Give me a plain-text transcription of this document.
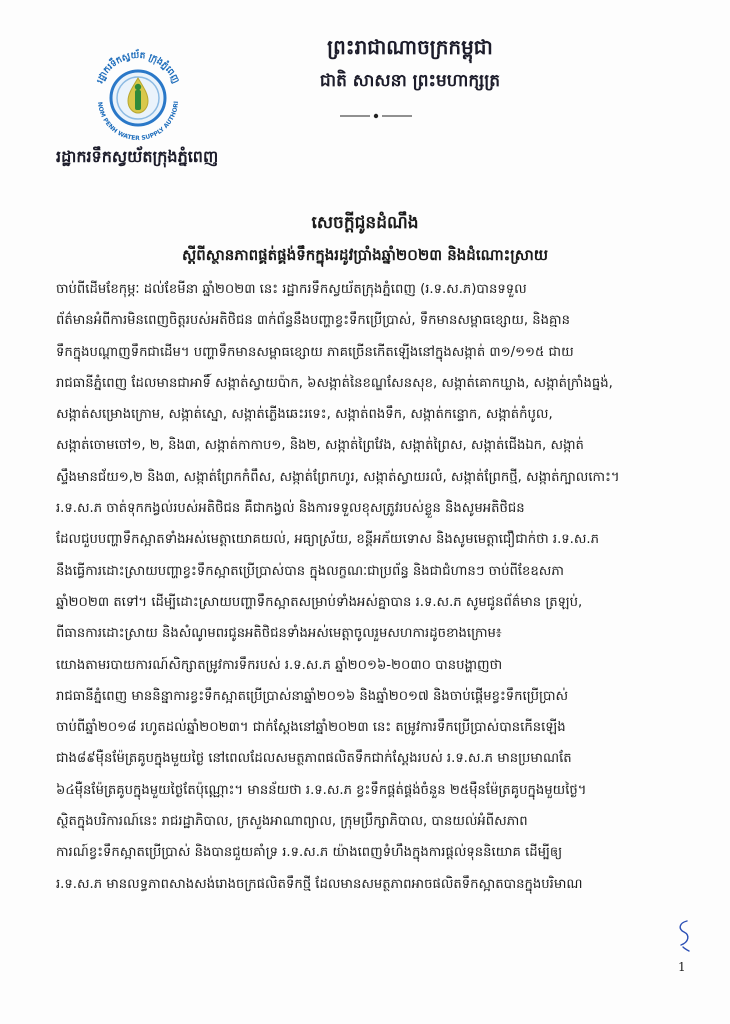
រដ្ឋាករទឹកស្វយ័ត ក្រុងភ្នំពេញ
NOM PENH WATER SUPPLY AUTHORI
ព្រះរាជាណាចក្រកម្ពុជា
ជាតិ សាសនា ព្រះមហាក្សត្រ
រដ្ឋាករទឹកស្វយ័តក្រុងភ្នំពេញ
សេចក្តីជូនដំណឹង
ស្តីពីស្ថានភាពផ្គត់ផ្គង់ទឹកក្នុងរដូវប្រាំងឆ្នាំ២០២៣ និងដំណោះស្រាយ
ចាប់ពីដើមខែកុម្ភៈ ដល់ខែមីនា ឆ្នាំ២០២៣ នេះ រដ្ឋាករទឹកស្វយ័តក្រុងភ្នំពេញ (រ.ទ.ស.ភ)បានទទួល
ព័ត៌មានអំពីការមិនពេញចិត្តរបស់អតិថិជន ៣ក់ព័ន្ធនឹងបញ្ហាខ្វះទឹកប្រើប្រាស់, ទឹកមានសម្ពាធខ្សោយ, និងគ្មាន
ទឹកក្នុងបណ្តាញទឹកជាដើម។ បញ្ហាទឹកមានសម្ពាធខ្សោយ ភាគច្រើនកើតឡើងនៅក្នុងសង្កាត់ ៣១/១១៥ ជាយ
រាជធានីភ្នំពេញ ដែលមានជាអាទិ៍ សង្កាត់ស្វាយប៉ាក, ៦សង្កាត់នៃខណ្ឌសែនសុខ, សង្កាត់គោកឃ្លាង, សង្កាត់ក្រាំងធ្នង់,
សង្កាត់សម្រោងក្រោម, សង្កាត់ស្នោ, សង្កាត់ភ្លើងឆេះរទេះ, សង្កាត់ពងទឹក, សង្កាត់កន្ទោក, សង្កាត់កំបូល,
សង្កាត់ចោមចៅ១, ២, និង៣, សង្កាត់កាកាប១, និង២, សង្កាត់ព្រៃវែង, សង្កាត់ព្រៃស, សង្កាត់ជើងឯក, សង្កាត់
ស្ទឹងមានជ័យ១,២ និង៣, សង្កាត់ព្រែកកំពឹស, សង្កាត់ព្រែកហូរ, សង្កាត់ស្វាយរលំ, សង្កាត់ព្រែកថ្មី, សង្កាត់ក្បាលកោះ។
រ.ទ.ស.ភ ចាត់ទុកកង្វល់របស់អតិថិជន គឺជាកង្វល់ និងការទទួលខុសត្រូវរបស់ខ្លួន និងសូមអតិថិជន
ដែលជួបបញ្ហាទឹកស្អាតទាំងអស់មេត្តាយោគយល់, អធ្យាស្រ័យ, ខន្តីអភ័យទោស និងសូមមេត្តាជឿជាក់ថា រ.ទ.ស.ភ
នឹងធ្វើការដោះស្រាយបញ្ហាខ្វះទឹកស្អាតប្រើប្រាស់បាន ក្នុងលក្ខណៈជាប្រព័ន្ធ និងជាជំហានៗ ចាប់ពីខែឧសភា
ឆ្នាំ២០២៣ តទៅ។ ដើម្បីដោះស្រាយបញ្ហាទឹកស្អាតសម្រាប់ទាំងអស់គ្នាបាន រ.ទ.ស.ភ សូមជូនព័ត៌មាន ត្រឡប់,
ពីធានការដោះស្រាយ និងសំណូមពរជូនអតិថិជនទាំងអស់មេត្តាចូលរួមសហការដូចខាងក្រោម៖
យោងតាមរបាយការណ៍សិក្សាតម្រូវការទឹករបស់ រ.ទ.ស.ភ ឆ្នាំ២០១៦-២០៣០ បានបង្ហាញថា
រាជធានីភ្នំពេញ មាននិន្នាការខ្វះទឹកស្អាតប្រើប្រាស់នាឆ្នាំ២០១៦ និងឆ្នាំ២០១៧ និងចាប់ផ្តើមខ្វះទឹកប្រើប្រាស់
ចាប់ពីឆ្នាំ២០១៨ រហូតដល់ឆ្នាំ២០២៣។ ជាក់ស្តែងនៅឆ្នាំ២០២៣ នេះ តម្រូវការទឹកប្រើប្រាស់បានកើនឡើង
ជាង៨៩ម៉ឺនម៉ែត្រគូបក្នុងមួយថ្ងៃ នៅពេលដែលសមត្ថភាពផលិតទឹកជាក់ស្តែងរបស់ រ.ទ.ស.ភ មានប្រមាណតែ
៦៤ម៉ឺនម៉ែត្រគូបក្នុងមួយថ្ងៃតែប៉ុណ្ណោះ។ មានន័យថា រ.ទ.ស.ភ ខ្វះទឹកផ្គត់ផ្គង់ចំនួន ២៥ម៉ឺនម៉ែត្រគូបក្នុងមួយថ្ងៃ។
ស្ថិតក្នុងបរិការណ៍នេះ រាជរដ្ឋាភិបាល, ក្រសួងអាណាព្យាល, ក្រុមប្រឹក្សាភិបាល, បានយល់អំពីសភាព
ការណ៍ខ្វះទឹកស្អាតប្រើប្រាស់ និងបានជួយគាំទ្រ រ.ទ.ស.ភ យ៉ាងពេញទំហឹងក្នុងការផ្តល់ទុននិយោគ ដើម្បីឲ្យ
រ.ទ.ស.ភ មានលទ្ធភាពសាងសង់រោងចក្រផលិតទឹកថ្មី ដែលមានសមត្ថភាពអាចផលិតទឹកស្អាតបានក្នុងបរិមាណ
1
